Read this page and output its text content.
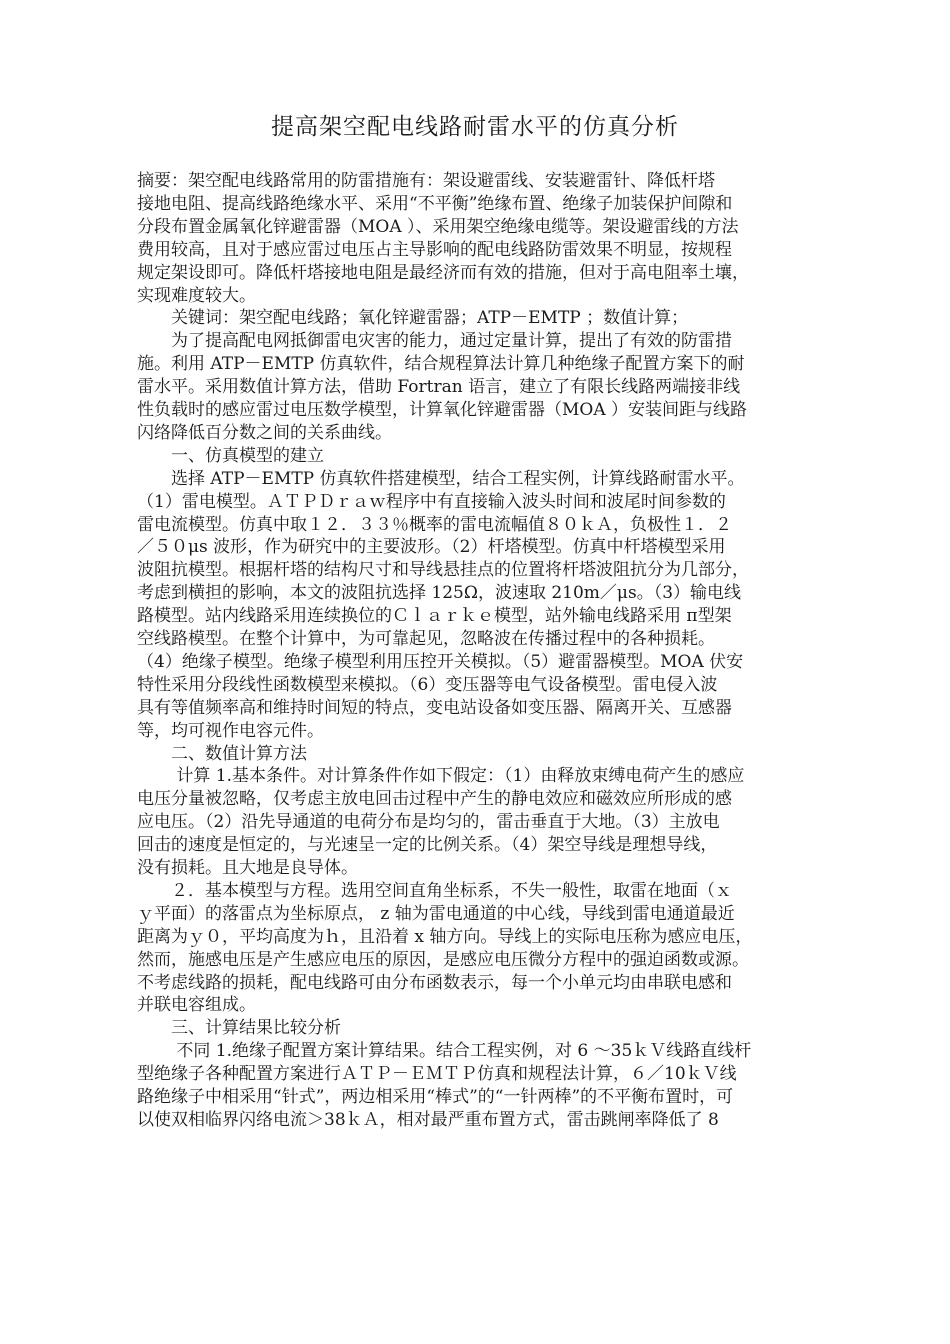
提高架空配电线路耐雷水平的仿真分析
摘要：架空配电线路常用的防雷措施有：架设避雷线、安装避雷针、降低杆塔
接地电阻、提高线路绝缘水平、采用“不平衡”绝缘布置、绝缘子加装保护间隙和
分段布置金属氧化锌避雷器（MOA ）、采用架空绝缘电缆等。架设避雷线的方法
费用较高，且对于感应雷过电压占主导影响的配电线路防雷效果不明显，按规程
规定架设即可。降低杆塔接地电阻是最经济而有效的措施，但对于高电阻率土壤，
实现难度较大。
　　关键词：架空配电线路；氧化锌避雷器；ATP－EMTP ；数值计算；
　　为了提高配电网抵御雷电灾害的能力，通过定量计算，提出了有效的防雷措
施。利用 ATP－EMTP 仿真软件，结合规程算法计算几种绝缘子配置方案下的耐
雷水平。采用数值计算方法，借助 Fortran 语言，建立了有限长线路两端接非线
性负载时的感应雷过电压数学模型，计算氧化锌避雷器（MOA ）安装间距与线路
闪络降低百分数之间的关系曲线。
　　一、仿真模型的建立
　　选择 ATP－EMTP 仿真软件搭建模型，结合工程实例，计算线路耐雷水平。
（1）雷电模型。ＡＴＰＤｒａｗ程序中有直接输入波头时间和波尾时间参数的
雷电流模型。仿真中取１２．３３％概率的雷电流幅值８０ｋＡ，负极性１．２
／５０μs 波形，作为研究中的主要波形。（2）杆塔模型。仿真中杆塔模型采用
波阻抗模型。根据杆塔的结构尺寸和导线悬挂点的位置将杆塔波阻抗分为几部分，
考虑到横担的影响，本文的波阻抗选择 125Ω，波速取 210m／μs。（3）输电线
路模型。站内线路采用连续换位的Ｃｌａｒｋｅ模型，站外输电线路采用 π型架
空线路模型。在整个计算中，为可靠起见，忽略波在传播过程中的各种损耗。
（4）绝缘子模型。绝缘子模型利用压控开关模拟。（5）避雷器模型。MOA 伏安
特性采用分段线性函数模型来模拟。（6）变压器等电气设备模型。雷电侵入波
具有等值频率高和维持时间短的特点，变电站设备如变压器、隔离开关、互感器
等，均可视作电容元件。
　　二、数值计算方法
　　 计算 1.基本条件。对计算条件作如下假定：（1）由释放束缚电荷产生的感应
电压分量被忽略，仅考虑主放电回击过程中产生的静电效应和磁效应所形成的感
应电压。（2）沿先导通道的电荷分布是均匀的，雷击垂直于大地。（3）主放电
回击的速度是恒定的，与光速呈一定的比例关系。（4）架空导线是理想导线，
没有损耗。且大地是良导体。
　　２．基本模型与方程。选用空间直角坐标系，不失一般性，取雷在地面（ｘ
ｙ平面）的落雷点为坐标原点， z 轴为雷电通道的中心线，导线到雷电通道最近
距离为ｙ０，平均高度为ｈ，且沿着 x 轴方向。导线上的实际电压称为感应电压，
然而，施感电压是产生感应电压的原因，是感应电压微分方程中的强迫函数或源。
不考虑线路的损耗，配电线路可由分布函数表示，每一个小单元均由串联电感和
并联电容组成。
　　三、计算结果比较分析
　　 不同 1.绝缘子配置方案计算结果。结合工程实例，对 6 ～35ｋＶ线路直线杆
型绝缘子各种配置方案进行ＡＴＰ－ＥＭＴＰ仿真和规程法计算，６／10ｋＶ线
路绝缘子中相采用“针式”，两边相采用“棒式”的“一针两棒”的不平衡布置时，可
以使双相临界闪络电流＞38ｋＡ，相对最严重布置方式，雷击跳闸率降低了 8
